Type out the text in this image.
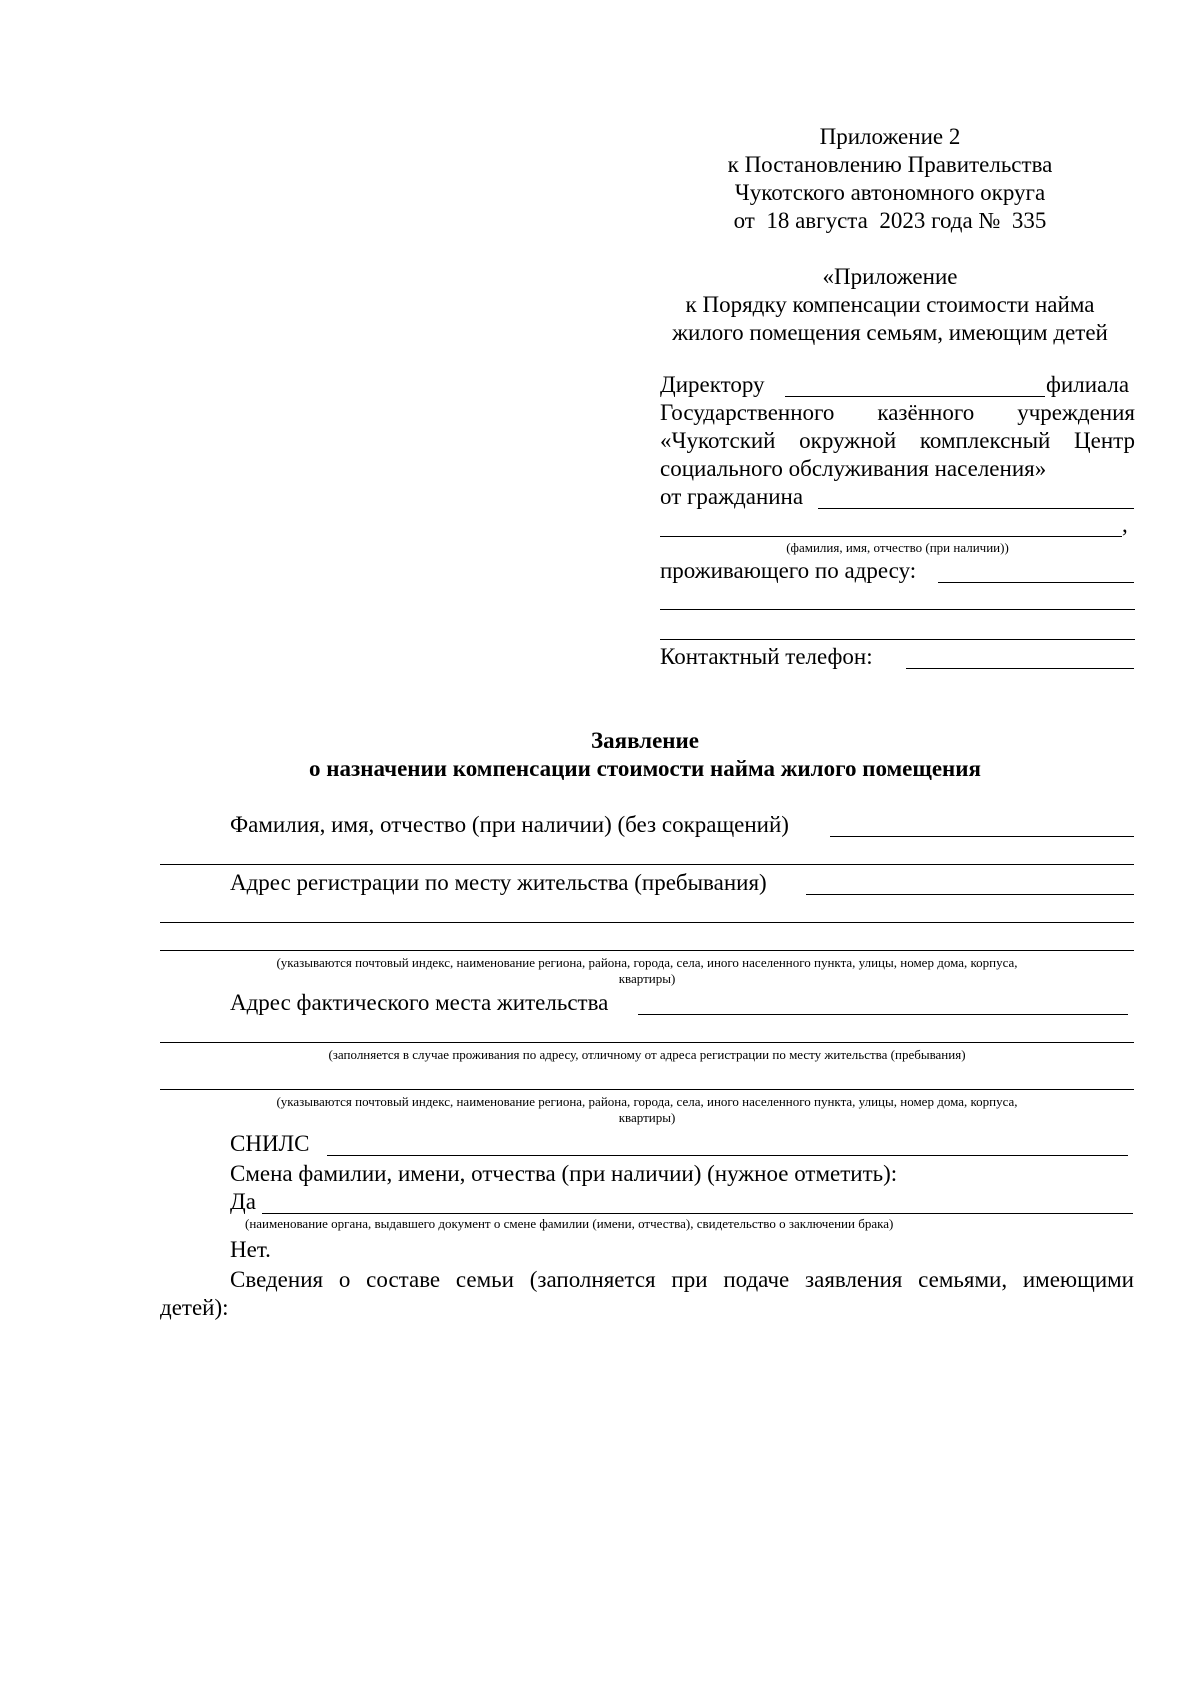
Приложение 2
к Постановлению Правительства
Чукотского автономного округа
от  18 августа  2023 года №  335
«Приложение
к Порядку компенсации стоимости найма
жилого помещения семьям, имеющим детей
Директору	филиала
Государственного казённого учреждения
«Чукотский окружной комплексный Центр
социального обслуживания населения»
от гражданина
,
(фамилия, имя, отчество (при наличии))
проживающего по адресу:
Контактный телефон:
Заявление
о назначении компенсации стоимости найма жилого помещения
Фамилия, имя, отчество (при наличии) (без сокращений)
Адрес регистрации по месту жительства (пребывания)
(указываются почтовый индекс, наименование региона, района, города, села, иного населенного пункта, улицы, номер дома, корпуса,
квартиры)
Адрес фактического места жительства
(заполняется в случае проживания по адресу, отличному от адреса регистрации по месту жительства (пребывания)
(указываются почтовый индекс, наименование региона, района, города, села, иного населенного пункта, улицы, номер дома, корпуса,
квартиры)
СНИЛС
Смена фамилии, имени, отчества (при наличии) (нужное отметить):
Да
(наименование органа, выдавшего документ о смене фамилии (имени, отчества), свидетельство о заключении брака)
Нет.
Сведения о составе семьи (заполняется при подаче заявления семьями, имеющими
детей):
